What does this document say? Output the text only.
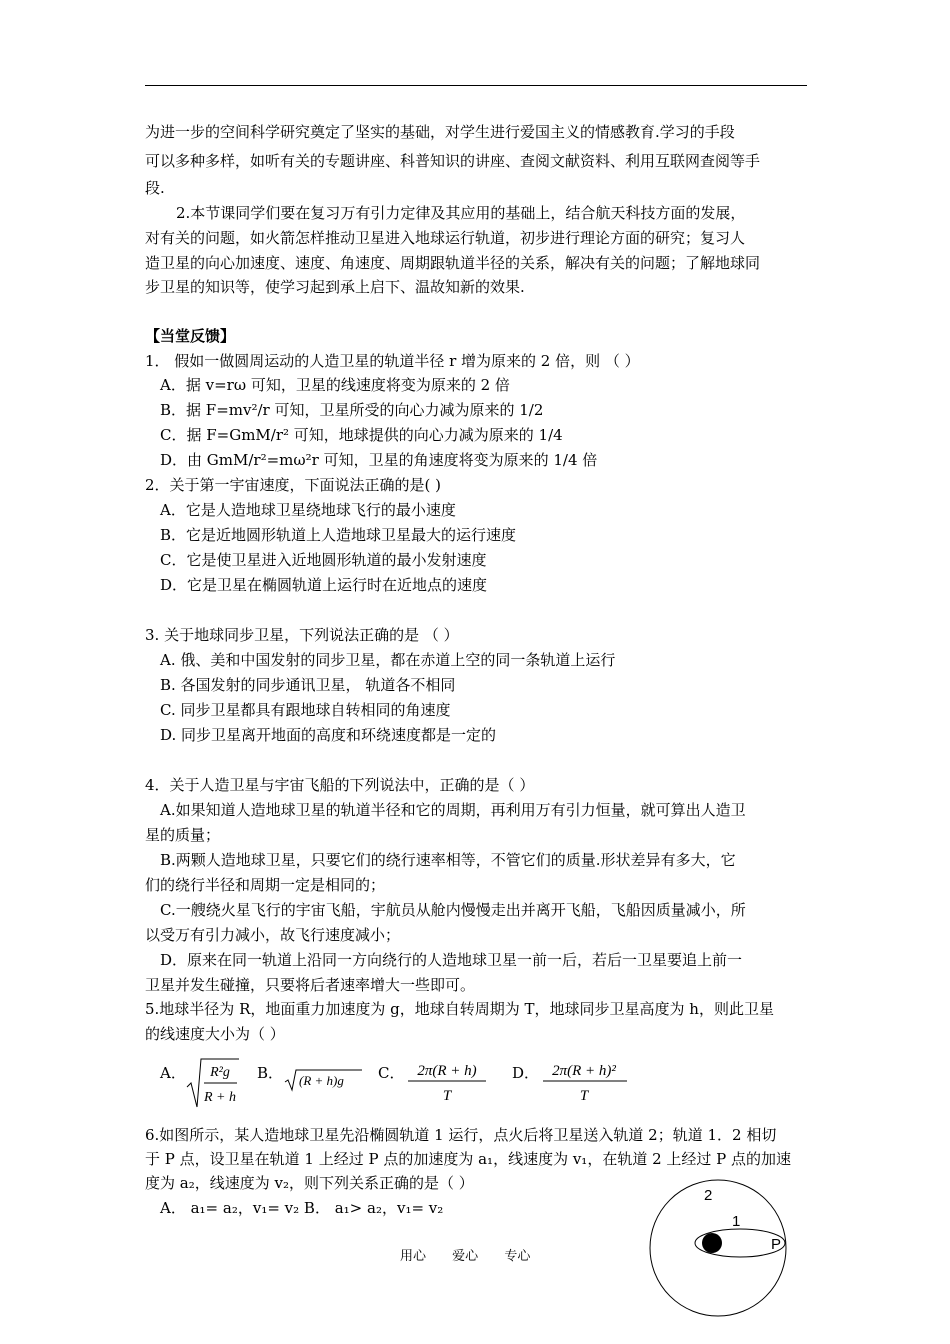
为进一步的空间科学研究奠定了坚实的基础，对学生进行爱国主义的情感教育.学习的手段
可以多种多样，如听有关的专题讲座、科普知识的讲座、查阅文献资料、利用互联网查阅等手
段.
2.本节课同学们要在复习万有引力定律及其应用的基础上，结合航天科技方面的发展，
对有关的问题，如火箭怎样推动卫星进入地球运行轨道，初步进行理论方面的研究；复习人
造卫星的向心加速度、速度、角速度、周期跟轨道半径的关系，解决有关的问题；了解地球同
步卫星的知识等，使学习起到承上启下、温故知新的效果.
【当堂反馈】
1． 假如一做圆周运动的人造卫星的轨道半径 r 增为原来的 2 倍，则 （ ）
A．据 v=rω 可知，卫星的线速度将变为原来的 2 倍
B．据 F=mv²/r 可知，卫星所受的向心力减为原来的 1/2
C．据 F=GmM/r² 可知，地球提供的向心力减为原来的 1/4
D．由 GmM/r²=mω²r 可知，卫星的角速度将变为原来的 1/4 倍
2．关于第一宇宙速度，下面说法正确的是( )
A．它是人造地球卫星绕地球飞行的最小速度
B．它是近地圆形轨道上人造地球卫星最大的运行速度
C．它是使卫星进入近地圆形轨道的最小发射速度
D．它是卫星在椭圆轨道上运行时在近地点的速度
3. 关于地球同步卫星，下列说法正确的是 （ ）
A. 俄、美和中国发射的同步卫星，都在赤道上空的同一条轨道上运行
B. 各国发射的同步通讯卫星， 轨道各不相同
C. 同步卫星都具有跟地球自转相同的角速度
D. 同步卫星离开地面的高度和环绕速度都是一定的
4．关于人造卫星与宇宙飞船的下列说法中，正确的是（ ）
A.如果知道人造地球卫星的轨道半径和它的周期，再利用万有引力恒量，就可算出人造卫
星的质量；
B.两颗人造地球卫星，只要它们的绕行速率相等，不管它们的质量.形状差异有多大，它
们的绕行半径和周期一定是相同的；
C.一艘绕火星飞行的宇宙飞船，宇航员从舱内慢慢走出并离开飞船，飞船因质量减小，所
以受万有引力减小，故飞行速度减小；
D．原来在同一轨道上沿同一方向绕行的人造地球卫星一前一后，若后一卫星要追上前一
卫星并发生碰撞，只要将后者速率增大一些即可。
5.地球半径为 R，地面重力加速度为 g，地球自转周期为 T，地球同步卫星高度为 h，则此卫星
的线速度大小为（ ）
A． R²g
R + h
B． (R + h)g C． 2π(R + h)
T
D． 2π(R + h)²
T
6.如图所示，某人造地球卫星先沿椭圆轨道 1 运行，点火后将卫星送入轨道 2；轨道 1．2 相切
于 P 点，设卫星在轨道 1 上经过 P 点的加速度为 a₁，线速度为 v₁，在轨道 2 上经过 P 点的加速
度为 a₂，线速度为 v₂，则下列关系正确的是（ ）
A． a₁= a₂，v₁= v₂ B． a₁> a₂，v₁= v₂
2
1
P
用心 爱心 专心
